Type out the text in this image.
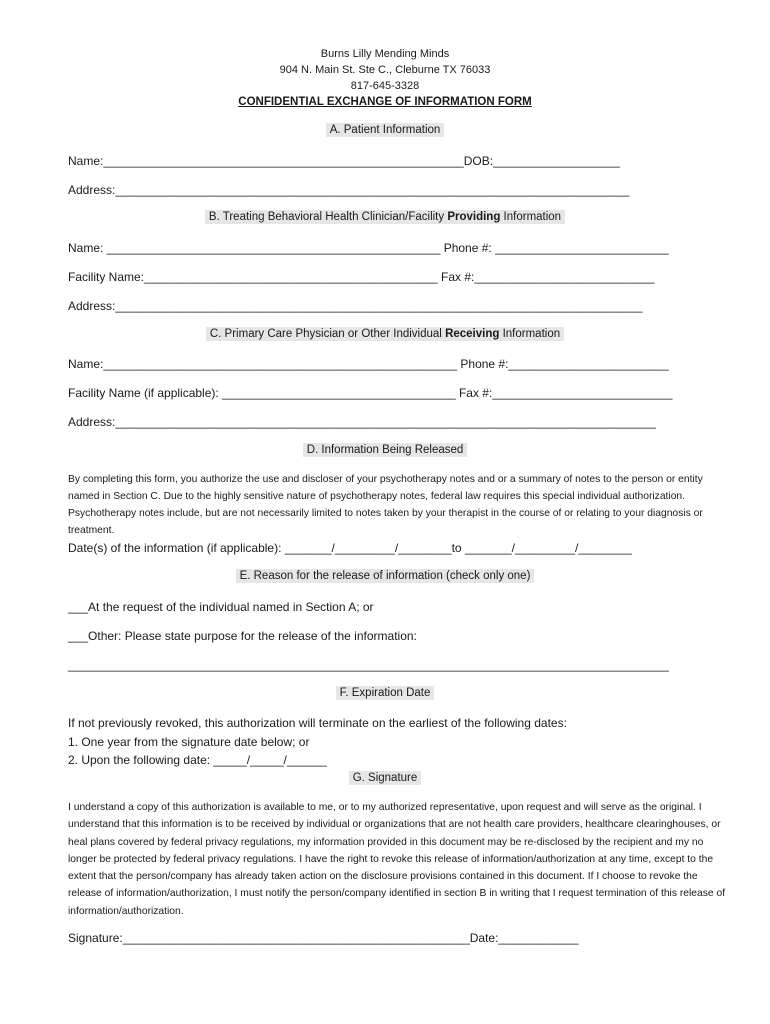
Burns Lilly Mending Minds
904 N. Main St. Ste C., Cleburne TX 76033
817-645-3328
CONFIDENTIAL EXCHANGE OF INFORMATION FORM
A. Patient Information
Name:______________________________________________________DOB:___________________
Address:_____________________________________________________________________________
B. Treating Behavioral Health Clinician/Facility Providing Information
Name: __________________________________________________ Phone #: __________________________
Facility Name:____________________________________________ Fax #:___________________________
Address:_______________________________________________________________________________
C. Primary Care Physician or Other Individual Receiving Information
Name:_____________________________________________________ Phone #:________________________
Facility Name (if applicable): ___________________________________ Fax #:___________________________
Address:_________________________________________________________________________________
D. Information Being Released
By completing this form, you authorize the use and discloser of your psychotherapy notes and or a summary of notes to the person or entity named in Section C. Due to the highly sensitive nature of psychotherapy notes, federal law requires this special individual authorization. Psychotherapy notes include, but are not necessarily limited to notes taken by your therapist in the course of or relating to your diagnosis or treatment.
Date(s) of the information (if applicable): _______/_________/________to _______/_________/________
E. Reason for the release of information (check only one)
___At the request of the individual named in Section A; or
___Other: Please state purpose for the release of the information:
__________________________________________________________________________________________
F. Expiration Date
If not previously revoked, this authorization will terminate on the earliest of the following dates:
1. One year from the signature date below; or
2. Upon the following date: _____/_____/______
G. Signature
I understand a copy of this authorization is available to me, or to my authorized representative, upon request and will serve as the original. I understand that this information is to be received by individual or organizations that are not health care providers, healthcare clearinghouses, or heal plans covered by federal privacy regulations, my information provided in this document may be re-disclosed by the recipient and my no longer be protected by federal privacy regulations. I have the right to revoke this release of information/authorization at any time, except to the extent that the person/company has already taken action on the disclosure provisions contained in this document. If I choose to revoke the release of information/authorization, I must notify the person/company identified in section B in writing that I request termination of this release of information/authorization.
Signature:____________________________________________________Date:____________
